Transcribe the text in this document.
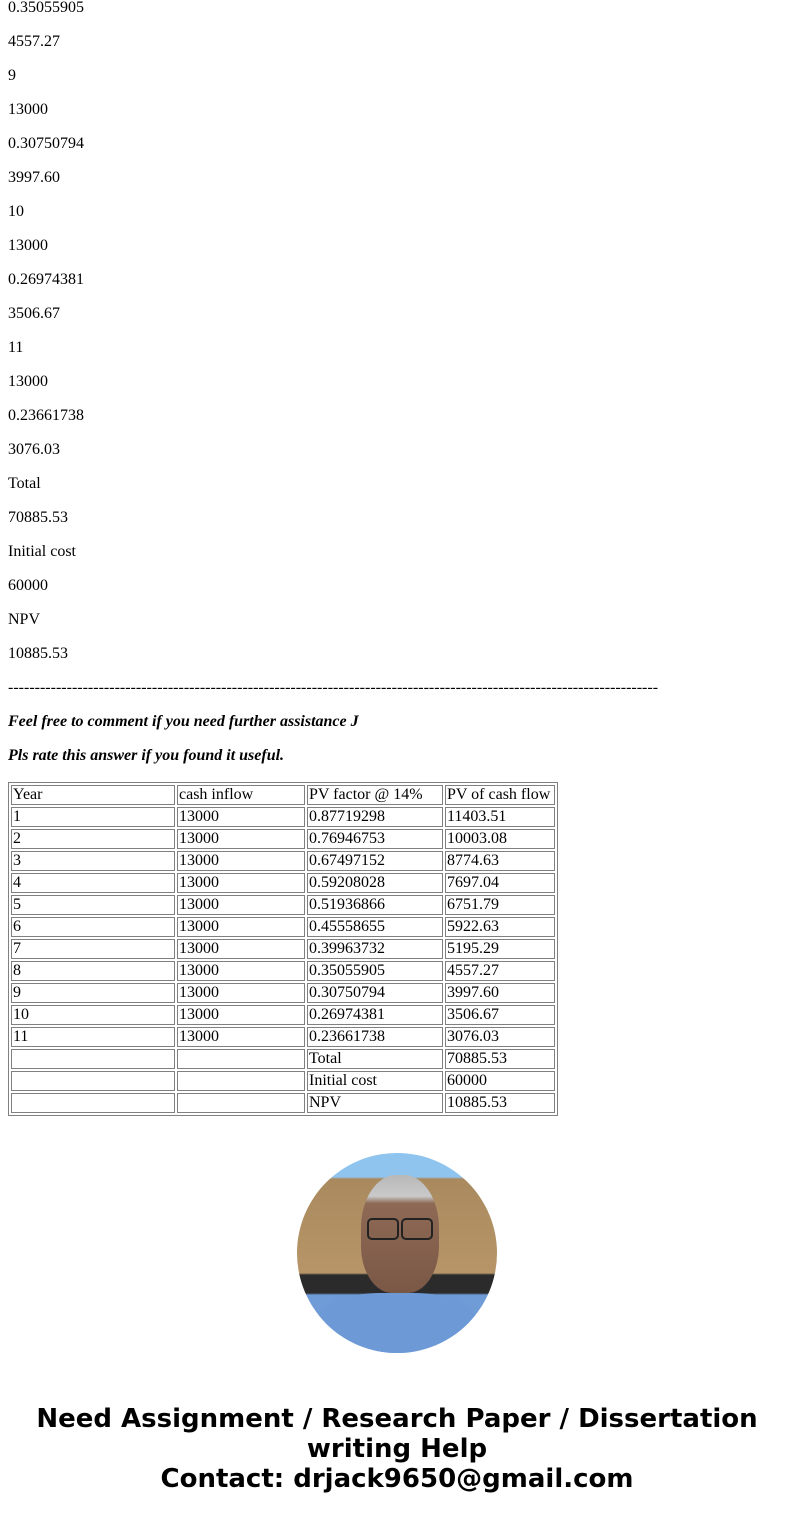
0.35055905

4557.27

9

13000

0.30750794

3997.60

10

13000

0.26974381

3506.67

11

13000

0.23661738

3076.03

Total

70885.53

Initial cost

60000

NPV

10885.53

--------------------------------------------------------------------------------------------------------------------------

Feel free to comment if you need further assistance J

Pls rate this answer if you found it useful.

Year	cash inflow	PV factor @ 14%	PV of cash flow
1	13000	0.87719298	11403.51
2	13000	0.76946753	10003.08
3	13000	0.67497152	8774.63
4	13000	0.59208028	7697.04
5	13000	0.51936866	6751.79
6	13000	0.45558655	5922.63
7	13000	0.39963732	5195.29
8	13000	0.35055905	4557.27
9	13000	0.30750794	3997.60
10	13000	0.26974381	3506.67
11	13000	0.23661738	3076.03
		Total	70885.53
		Initial cost	60000
		NPV	10885.53
Need Assignment / Research Paper / Dissertation
writing Help
Contact: drjack9650@gmail.com
